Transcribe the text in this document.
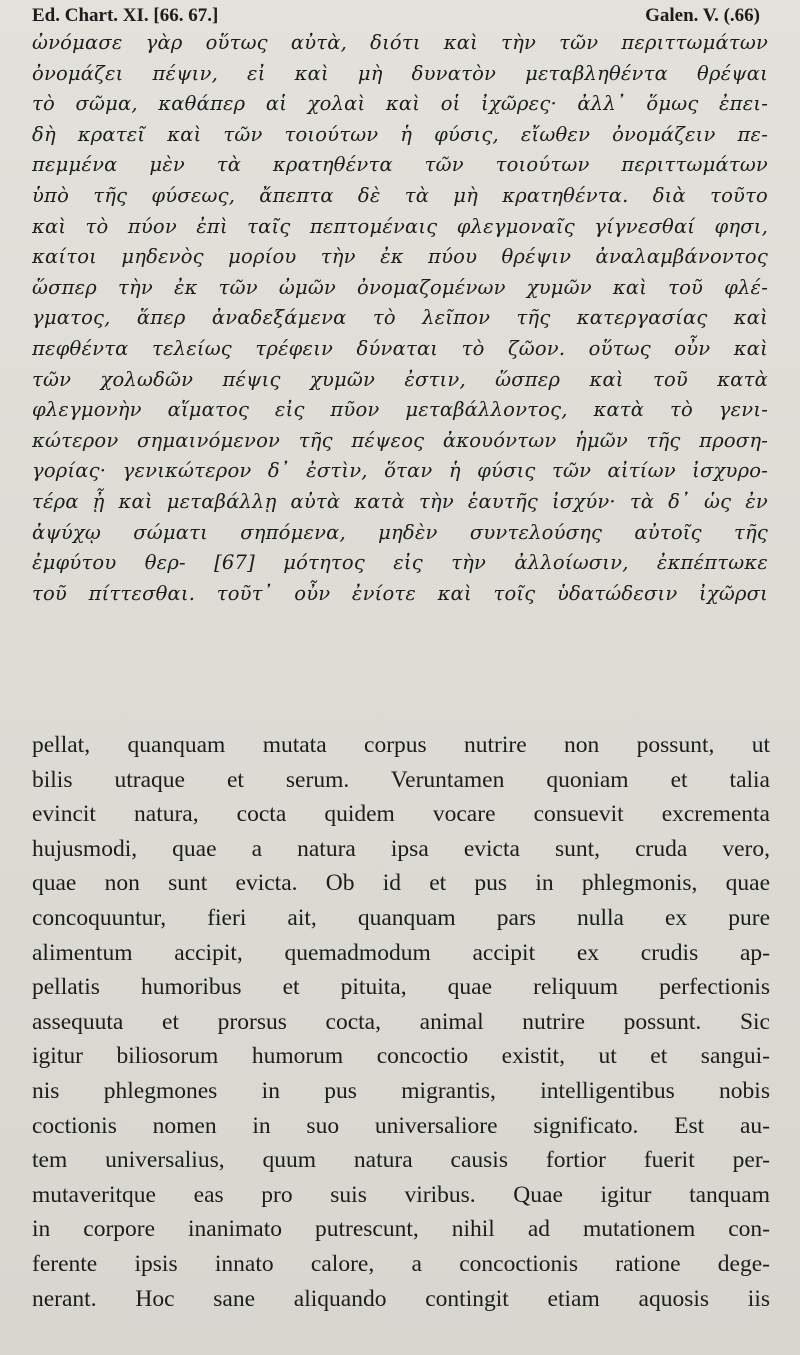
Ed. Chart. XI. [66. 67.]	Galen. V. (.66)
ὠνόμασε γὰρ οὕτως αὐτὰ, διότι καὶ τὴν τῶν περιττωμάτων
ὀνομάζει πέψιν, εἰ καὶ μὴ δυνατὸν μεταβληθέντα θρέψαι
τὸ σῶμα, καθάπερ αἱ χολαὶ καὶ οἱ ἰχῶρες· ἀλλ᾽ ὅμως ἐπει-
δὴ κρατεῖ καὶ τῶν τοιούτων ἡ φύσις, εἴωθεν ὀνομάζειν πε-
πεμμένα μὲν τὰ κρατηθέντα τῶν τοιούτων περιττωμάτων
ὑπὸ τῆς φύσεως, ἄπεπτα δὲ τὰ μὴ κρατηθέντα. διὰ τοῦτο
καὶ τὸ πύον ἐπὶ ταῖς πεπτομέναις φλεγμοναῖς γίγνεσθαί φησι,
καίτοι μηδενὸς μορίου τὴν ἐκ πύου θρέψιν ἀναλαμβάνοντος
ὥσπερ τὴν ἐκ τῶν ὠμῶν ὀνομαζομένων χυμῶν καὶ τοῦ φλέ-
γματος, ἅπερ ἀναδεξάμενα τὸ λεῖπον τῆς κατεργασίας καὶ
πεφθέντα τελείως τρέφειν δύναται τὸ ζῶον. οὕτως οὖν καὶ
τῶν χολωδῶν πέψις χυμῶν ἐστιν, ὥσπερ καὶ τοῦ κατὰ
φλεγμονὴν αἵματος εἰς πῦον μεταβάλλοντος, κατὰ τὸ γενι-
κώτερον σημαινόμενον τῆς πέψεος ἀκουόντων ἡμῶν τῆς προση-
γορίας· γενικώτερον δ᾽ ἐστὶν, ὅταν ἡ φύσις τῶν αἰτίων ἰσχυρο-
τέρα ᾖ καὶ μεταβάλλῃ αὐτὰ κατὰ τὴν ἑαυτῆς ἰσχύν· τὰ δ᾽ ὡς ἐν
ἀψύχῳ σώματι σηπόμενα, μηδὲν συντελούσης αὐτοῖς τῆς
ἐμφύτου θερ- [67] μότητος εἰς τὴν ἀλλοίωσιν, ἐκπέπτωκε
τοῦ πίττεσθαι. τοῦτ᾽ οὖν ἐνίοτε καὶ τοῖς ὑδατώδεσιν ἰχῶρσι
pellat, quanquam mutata corpus nutrire non possunt, ut
bilis utraque et serum. Veruntamen quoniam et talia
evincit natura, cocta quidem vocare consuevit excrementa
hujusmodi, quae a natura ipsa evicta sunt, cruda vero,
quae non sunt evicta. Ob id et pus in phlegmonis, quae
concoquuntur, fieri ait, quanquam pars nulla ex pure
alimentum accipit, quemadmodum accipit ex crudis ap-
pellatis humoribus et pituita, quae reliquum perfectionis
assequuta et prorsus cocta, animal nutrire possunt. Sic
igitur biliosorum humorum concoctio existit, ut et sangui-
nis phlegmones in pus migrantis, intelligentibus nobis
coctionis nomen in suo universaliore significato. Est au-
tem universalius, quum natura causis fortior fuerit per-
mutaveritque eas pro suis viribus. Quae igitur tanquam
in corpore inanimato putrescunt, nihil ad mutationem con-
ferente ipsis innato calore, a concoctionis ratione dege-
nerant. Hoc sane aliquando contingit etiam aquosis iis
